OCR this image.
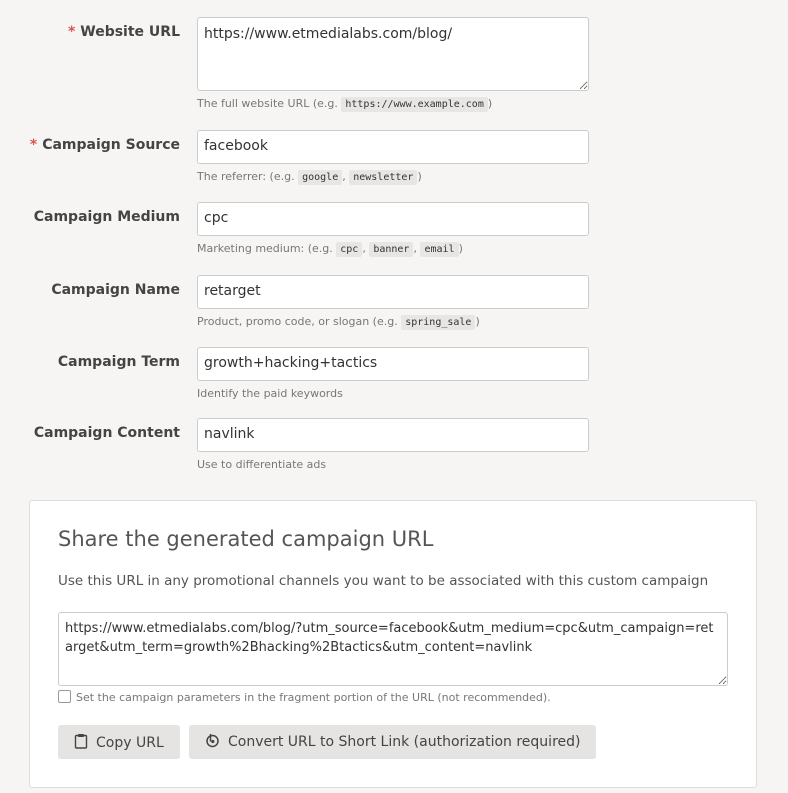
* Website URL
https://www.etmedialabs.com/blog/
The full website URL (e.g. https://www.example.com )
* Campaign Source	facebook
The referrer: (e.g. google , newsletter )
Campaign Medium	cpc
Marketing medium: (e.g. cpc , banner , email )
Campaign Name	retarget
Product, promo code, or slogan (e.g. spring_sale )
Campaign Term	growth+hacking+tactics
Identify the paid keywords
Campaign Content	navlink
Use to differentiate ads
Share the generated campaign URL
Use this URL in any promotional channels you want to be associated with this custom campaign
https://www.etmedialabs.com/blog/?utm_source=facebook&utm_medium=cpc&utm_campaign=retarget&utm_term=growth%2Bhacking%2Btactics&utm_content=navlink
Set the campaign parameters in the fragment portion of the URL (not recommended).
Copy URL	Convert URL to Short Link (authorization required)
